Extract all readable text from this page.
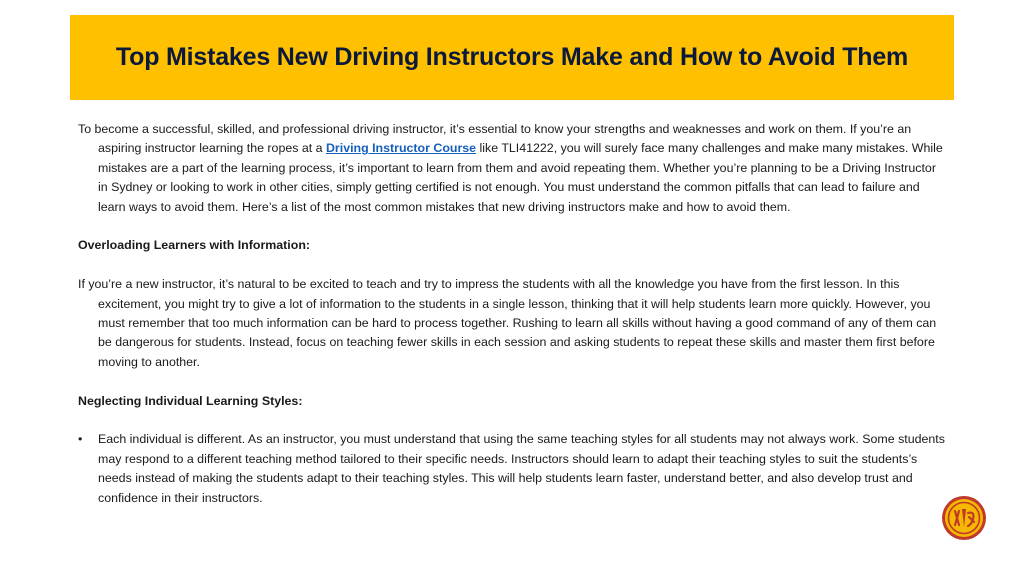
Top Mistakes New Driving Instructors Make and How to Avoid Them

To become a successful, skilled, and professional driving instructor, it’s essential to know your strengths and weaknesses and work on them. If you’re an aspiring instructor learning the ropes at a Driving Instructor Course like TLI41222, you will surely face many challenges and make many mistakes. While mistakes are a part of the learning process, it’s important to learn from them and avoid repeating them. Whether you’re planning to be a Driving Instructor in Sydney or looking to work in other cities, simply getting certified is not enough. You must understand the common pitfalls that can lead to failure and learn ways to avoid them. Here’s a list of the most common mistakes that new driving instructors make and how to avoid them.

Overloading Learners with Information:

If you’re a new instructor, it’s natural to be excited to teach and try to impress the students with all the knowledge you have from the first lesson. In this excitement, you might try to give a lot of information to the students in a single lesson, thinking that it will help students learn more quickly. However, you must remember that too much information can be hard to process together. Rushing to learn all skills without having a good command of any of them can be dangerous for students. Instead, focus on teaching fewer skills in each session and asking students to repeat these skills and master them first before moving to another.

Neglecting Individual Learning Styles:

• Each individual is different. As an instructor, you must understand that using the same teaching styles for all students may not always work. Some students may respond to a different teaching method tailored to their specific needs. Instructors should learn to adapt their teaching styles to suit the students’s needs instead of making the students adapt to their teaching styles. This will help students learn faster, understand better, and also develop trust and confidence in their instructors.
